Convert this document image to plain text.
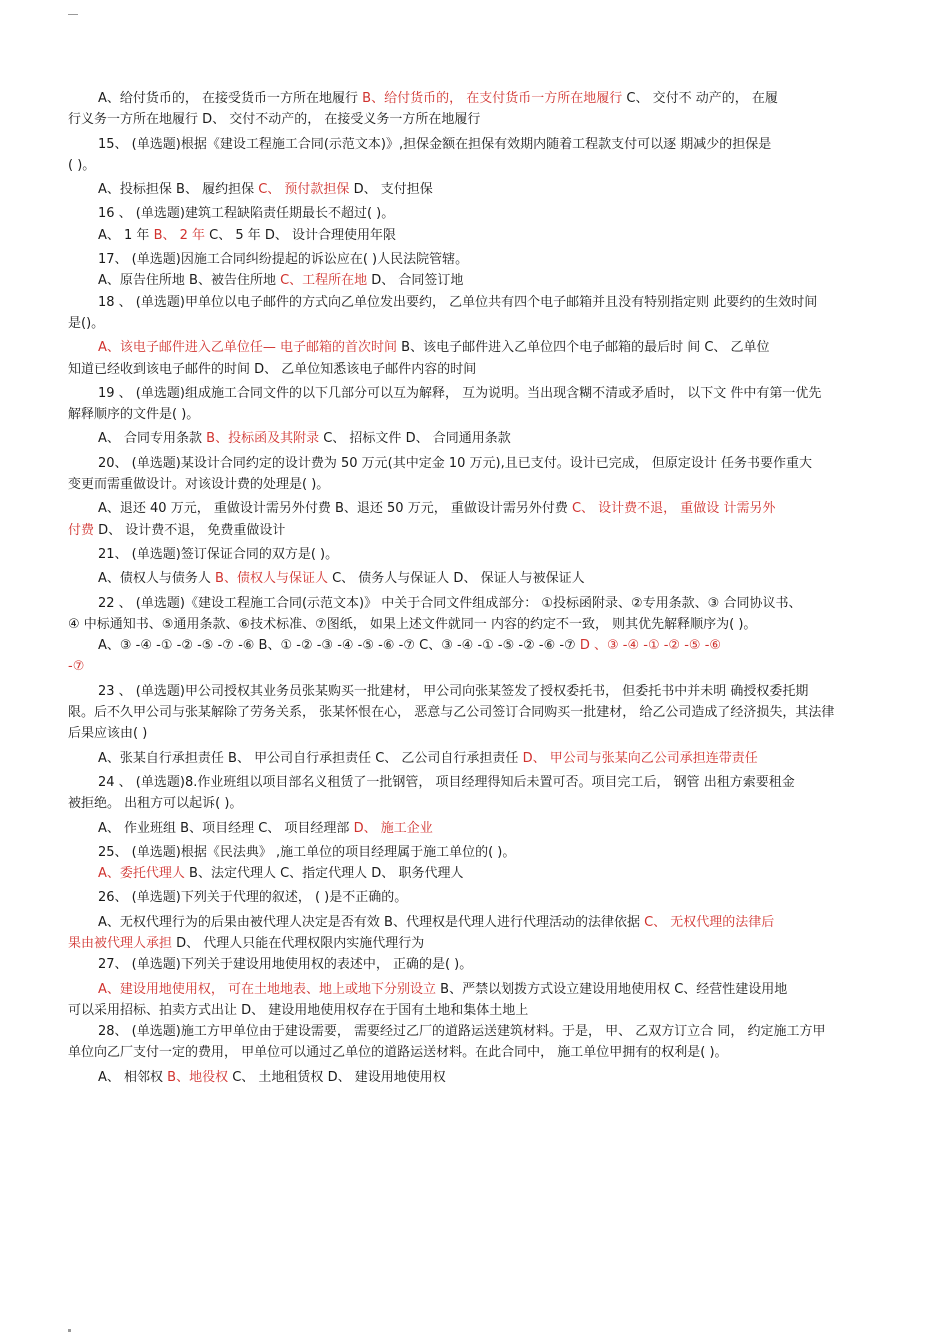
A、给付货币的， 在接受货币一方所在地履行 B、给付货币的， 在支付货币一方所在地履行 C、 交付不 动产的， 在履
行义务一方所在地履行 D、 交付不动产的， 在接受义务一方所在地履行
15、 (单选题)根据《建设工程施工合同(示范文本)》,担保金额在担保有效期内随着工程款支付可以逐 期减少的担保是
( )。
A、投标担保 B、 履约担保 C、 预付款担保 D、 支付担保
16 、 (单选题)建筑工程缺陷责任期最长不超过( )。
A、 1 年 B、 2 年 C、 5 年 D、 设计合理使用年限
17、 (单选题)因施工合同纠纷提起的诉讼应在( )人民法院管辖。
A、原告住所地 B、被告住所地 C、工程所在地 D、 合同签订地
18 、 (单选题)甲单位以电子邮件的方式向乙单位发出要约， 乙单位共有四个电子邮箱并且没有特别指定则 此要约的生效时间
是()。
A、该电子邮件进入乙单位任— 电子邮箱的首次时间 B、该电子邮件进入乙单位四个电子邮箱的最后时 间 C、 乙单位
知道已经收到该电子邮件的时间 D、 乙单位知悉该电子邮件内容的时间
19 、 (单选题)组成施工合同文件的以下几部分可以互为解释， 互为说明。当出现含糊不清或矛盾时， 以下文 件中有第一优先
解释顺序的文件是( )。
A、 合同专用条款 B、投标函及其附录 C、 招标文件 D、 合同通用条款
20、 (单选题)某设计合同约定的设计费为 50 万元(其中定金 10 万元),且已支付。设计已完成， 但原定设计 任务书要作重大
变更而需重做设计。对该设计费的处理是( )。
A、退还 40 万元， 重做设计需另外付费 B、退还 50 万元， 重做设计需另外付费 C、 设计费不退， 重做设 计需另外
付费 D、 设计费不退， 免费重做设计
21、 (单选题)签订保证合同的双方是( )。
A、债权人与债务人 B、债权人与保证人 C、 债务人与保证人 D、 保证人与被保证人
22 、 (单选题)《建设工程施工合同(示范文本)》 中关于合同文件组成部分： ①投标函附录、②专用条款、③ 合同协议书、
④ 中标通知书、⑤通用条款、⑥技术标准、⑦图纸， 如果上述文件就同一 内容的约定不一致， 则其优先解释顺序为( )。
A、③ -④ -① -② -⑤ -⑦ -⑥ B、① -② -③ -④ -⑤ -⑥ -⑦ C、③ -④ -① -⑤ -② -⑥ -⑦ D 、③ -④ -① -② -⑤ -⑥
-⑦
23 、 (单选题)甲公司授权其业务员张某购买一批建材， 甲公司向张某签发了授权委托书， 但委托书中并未明 确授权委托期
限。后不久甲公司与张某解除了劳务关系， 张某怀恨在心， 恶意与乙公司签订合同购买一批建材， 给乙公司造成了经济损失，其法律
后果应该由( )
A、张某自行承担责任 B、 甲公司自行承担责任 C、 乙公司自行承担责任 D、 甲公司与张某向乙公司承担连带责任
24 、 (单选题)8.作业班组以项目部名义租赁了一批钢管， 项目经理得知后未置可否。项目完工后， 钢管 出租方索要租金
被拒绝。 出租方可以起诉( )。
A、 作业班组 B、项目经理 C、 项目经理部 D、 施工企业
25、 (单选题)根据《民法典》 ,施工单位的项目经理属于施工单位的( )。
A、委托代理人 B、法定代理人 C、指定代理人 D、 职务代理人
26、 (单选题)下列关于代理的叙述， ( )是不正确的。
A、无权代理行为的后果由被代理人决定是否有效 B、代理权是代理人进行代理活动的法律依据 C、 无权代理的法律后
果由被代理人承担 D、 代理人只能在代理权限内实施代理行为
27、 (单选题)下列关于建设用地使用权的表述中， 正确的是( )。
A、建设用地使用权， 可在土地地表、地上或地下分别设立 B、严禁以划拨方式设立建设用地使用权 C、经营性建设用地
可以采用招标、拍卖方式出让 D、 建设用地使用权存在于国有土地和集体土地上
28、 (单选题)施工方甲单位由于建设需要， 需要经过乙厂的道路运送建筑材料。于是， 甲、 乙双方订立合 同， 约定施工方甲
单位向乙厂支付一定的费用， 甲单位可以通过乙单位的道路运送材料。在此合同中， 施工单位甲拥有的权利是( )。
A、 相邻权 B、地役权 C、 土地租赁权 D、 建设用地使用权
